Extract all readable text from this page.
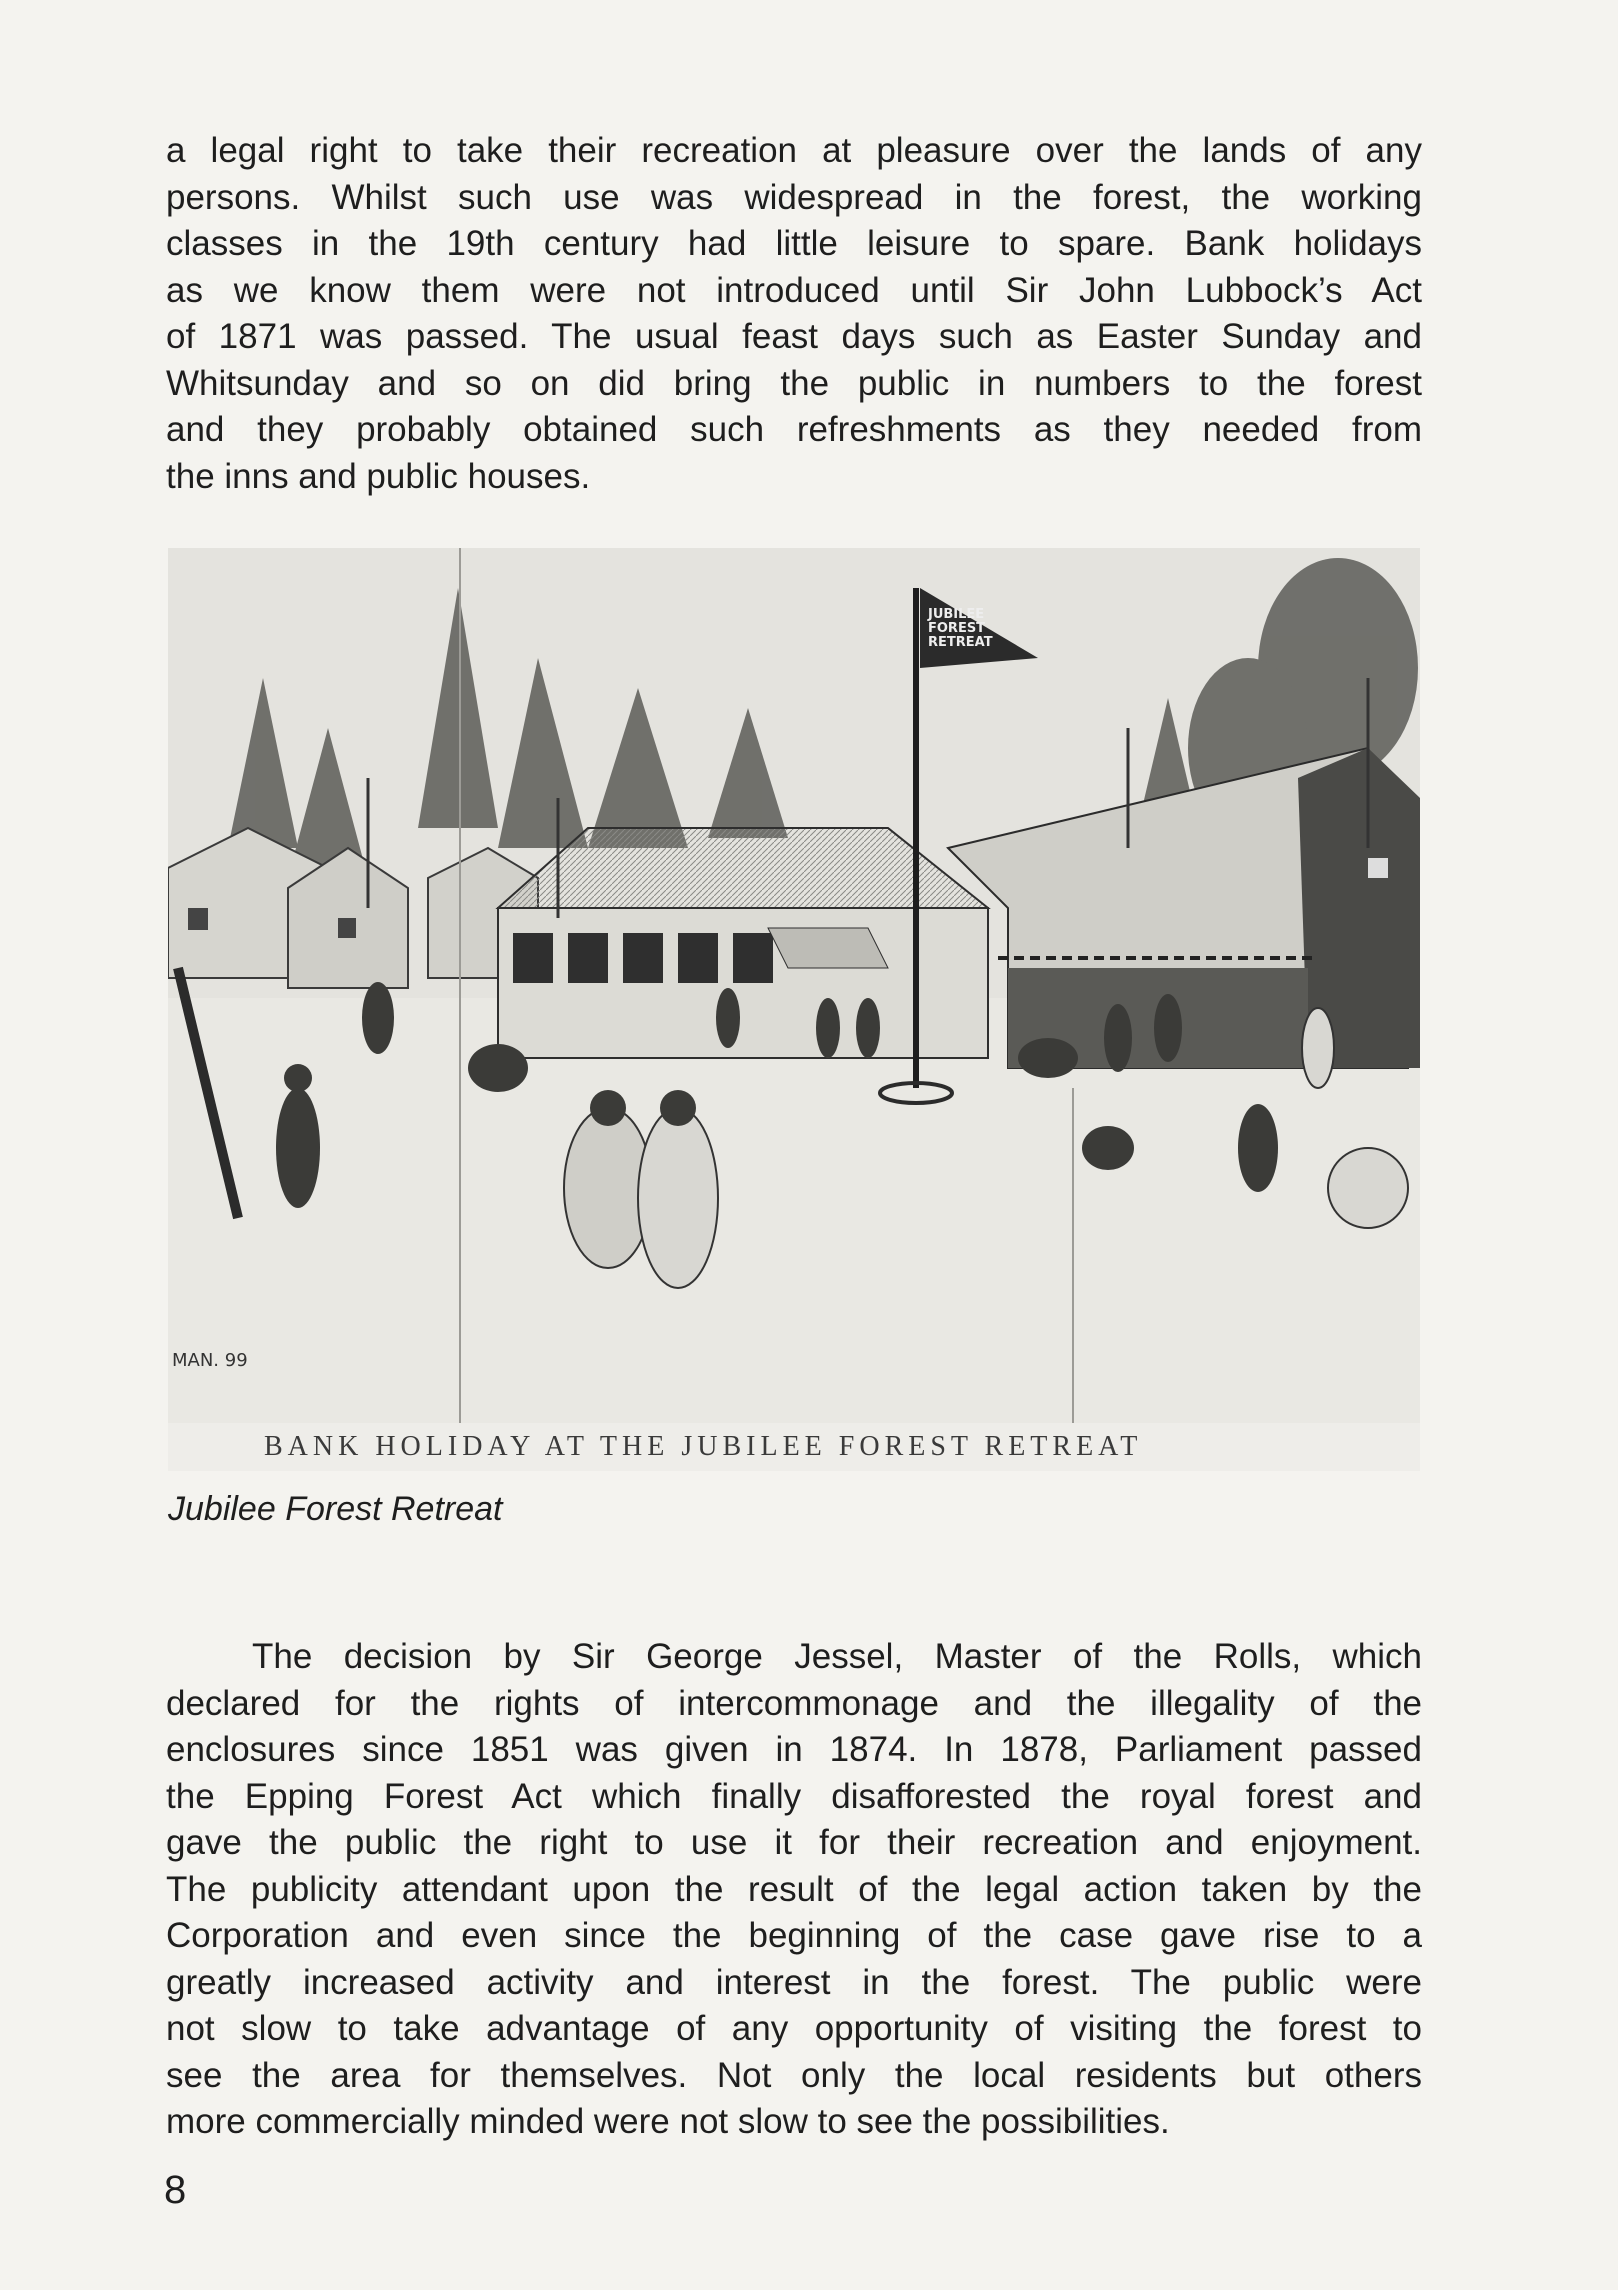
a legal right to take their recreation at pleasure over the lands of any
persons. Whilst such use was widespread in the forest, the working
classes in the 19th century had little leisure to spare. Bank holidays
as we know them were not introduced until Sir John Lubbock’s Act
of 1871 was passed. The usual feast days such as Easter Sunday and
Whitsunday and so on did bring the public in numbers to the forest
and they probably obtained such refreshments as they needed from
the inns and public houses.

MAN. 99
BANK HOLIDAY AT THE JUBILEE FOREST RETREAT
JUBILEE
FOREST
RETREAT

Jubilee Forest Retreat

The decision by Sir George Jessel, Master of the Rolls, which
declared for the rights of intercommonage and the illegality of the
enclosures since 1851 was given in 1874. In 1878, Parliament passed
the Epping Forest Act which finally disafforested the royal forest and
gave the public the right to use it for their recreation and enjoyment.
The publicity attendant upon the result of the legal action taken by the
Corporation and even since the beginning of the case gave rise to a
greatly increased activity and interest in the forest. The public were
not slow to take advantage of any opportunity of visiting the forest to
see the area for themselves. Not only the local residents but others
more commercially minded were not slow to see the possibilities.

8
